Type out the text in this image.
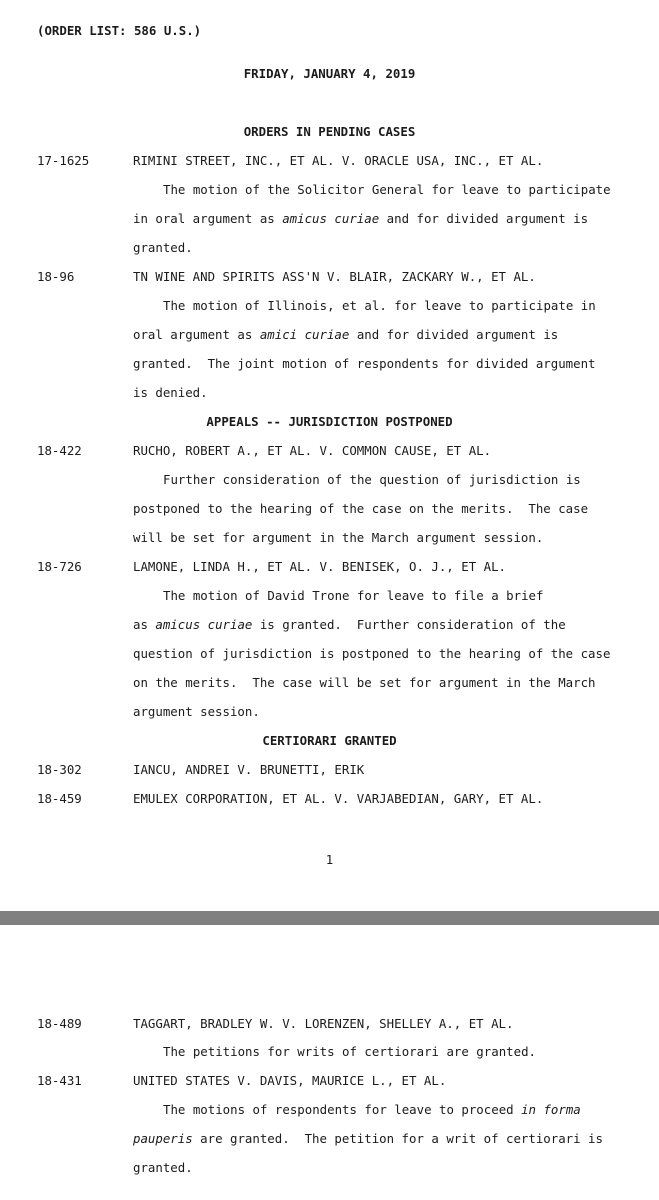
(ORDER LIST: 586 U.S.)
FRIDAY, JANUARY 4, 2019
ORDERS IN PENDING CASES
17-1625	RIMINI STREET, INC., ET AL. V. ORACLE USA, INC., ET AL.
The motion of the Solicitor General for leave to participate
in oral argument as amicus curiae and for divided argument is
granted.
18-96	TN WINE AND SPIRITS ASS'N V. BLAIR, ZACKARY W., ET AL.
The motion of Illinois, et al. for leave to participate in
oral argument as amici curiae and for divided argument is
granted.  The joint motion of respondents for divided argument
is denied.
APPEALS -- JURISDICTION POSTPONED
18-422	RUCHO, ROBERT A., ET AL. V. COMMON CAUSE, ET AL.
Further consideration of the question of jurisdiction is
postponed to the hearing of the case on the merits.  The case
will be set for argument in the March argument session.
18-726	LAMONE, LINDA H., ET AL. V. BENISEK, O. J., ET AL.
The motion of David Trone for leave to file a brief
as amicus curiae is granted.  Further consideration of the
question of jurisdiction is postponed to the hearing of the case
on the merits.  The case will be set for argument in the March
argument session.
CERTIORARI GRANTED
18-302	IANCU, ANDREI V. BRUNETTI, ERIK
18-459	EMULEX CORPORATION, ET AL. V. VARJABEDIAN, GARY, ET AL.
1
18-489	TAGGART, BRADLEY W. V. LORENZEN, SHELLEY A., ET AL.
The petitions for writs of certiorari are granted.
18-431	UNITED STATES V. DAVIS, MAURICE L., ET AL.
The motions of respondents for leave to proceed in forma
pauperis are granted.  The petition for a writ of certiorari is
granted.
